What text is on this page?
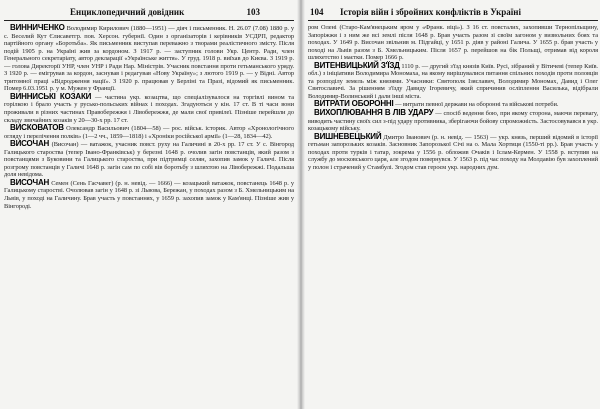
Енциклопедичний довідник	103

ВИННИЧЕНКО Володимир Кирилович (1880—1951) — діяч і письменник. Н. 26.07 (7.08) 1880 р. у с. Веселий Кут Єлисаветгр. пов. Херсон. губернії. Один з організаторів і керівників УСДРП, редактор партійного органу «Боротьба». Як письменник виступав переважно з творами реалістичного змісту. Після подій 1905 р. на Україні жив за кордоном. З 1917 р. — заступник голови Укр. Центр. Ради, член Генерального секретаріату, автор декларації «Українське життя». У груд. 1918 р. виїхав до Києва. З 1919 р. — голова Директорії УНР, член УНР і Ради Нар. Міністрів. Учасник повстання проти гетьманського уряду. З 1920 р. — емігрував за кордон, заснував і редагував «Нову Україну»; з лютого 1919 р. — у Відні. Автор тритомної праці «Відродження нації». З 1920 р. працював у Берліні та Празі, відомий як письменник. Помер 6.03.1951 р. у м. Мужен у Франції.

ВИННИСЬКІ КОЗАКИ — частина укр. козацтва, що спеціалізувалося на торгівлі вином та горілкою і брало участь у русько-польських війнах і походах. Згадуються у кін. 17 ст. В ті часи вони проживали в різних частинах Правобережжя і Лівобережжя, де мали свої привілеї. Пізніше перейшли до складу звичайних козаків у 20—30-х рр. 17 ст.

ВИСКОВАТОВ Олександр Васильович (1804—58) — рос. військ. історик. Автор «Хронологічного огляду і перелічення полків» (1—2 чч., 1859—1818) і «Хроніки російської армії» (1—28, 1834—42).

ВИСОЧАН (Височан) — ватажок, учасник повст. руху на Галичині в 20-х рр. 17 ст. У с. Вінгород Галицького староства (тепер Івано-Франківськ) у березні 1648 р. очолив загін повстанців, який разом з повстанцями з Буковини та Галицького староства, при підтримці селян, захопив замок у Галичі. Після розгрому повстанців у Галичі 1648 р. загін сам по собі вів боротьбу з шляхтою на Лівобережжі. Подальша доля невідома.

ВИСОЧАН Семен (Сень Гасчавег) (р. н. невід. — 1666) — козацький ватажок, повстанець 1648 р. у Галицькому старостві. Очолював загін у 1648 р. зі Львова, Бережан, у походах разом з Б. Хмельницьким на Львів, у поході на Галичину. Брав участь у повстаннях, у 1659 р. захопив замок у Кам'янці. Пізніше жив у Вінгороді.

104 Історія війн і збройних конфліктів в Україні

ром Олені (Старо-Кам'янецьким яром у «Франк. віці»). З 16 ст. повсталих, захопивши Тернопільщину, Запоріжжя і з ним же всі землі після 1648 р. Брав участь разом зі своїм загоном у визвольних боях та походах. У 1649 р. Височан звільнив м. Підгайці, у 1651 р. діяв у районі Галича. У 1655 р. брав участь у поході на Львів разом з Б. Хмельницьким. Після 1657 р. перейшов на бік Польщі, отримав від короля шляхетство і маєтки. Помер 1666 р.

ВИТЕНВИЦЬКИЙ З'ЇЗД 1110 р. — другий з'їзд князів Київ. Русі, зібраний у Вітичеві (тепер Київ. обл.) з ініціативи Володимира Мономаха, на якому вирішувалися питання спільних походів проти половців та розподілу земель між князями. Учасники: Святополк Ізяславич, Володимир Мономах, Давид і Олег Святославичі. За рішенням з'їзду Давиду Ігоревичу, який спричинив осліплення Василька, відібрали Володимир-Волинський і дали інші міста.

ВИТРАТИ ОБОРОННІ — витрати певної держави на оборонні та військові потреби.

ВИХОПЛЮВАННЯ В ЛІВ УДАРУ — спосіб ведення бою, при якому сторона, маючи перевагу, виводить частину своїх сил з-під удару противника, зберігаючи бойову спроможність. Застосовувався в укр. козацькому війську.

ВИШНЕВЕЦЬКИЙ Дмитро Іванович (р. н. невід. — 1563) — укр. князь, перший відомий в історії гетьман запорозьких козаків. Засновник Запорозької Січі на о. Мала Хортиця (1550-ті рр.). Брав участь у походах проти турків і татар, зокрема у 1556 р. обложив Очаків і Іслам-Кермен. У 1558 р. вступив на службу до московського царя, але згодом повернувся. У 1563 р. під час походу на Молдавію був захоплений у полон і страчений у Стамбулі. Згодом став героєм укр. народних дум.
